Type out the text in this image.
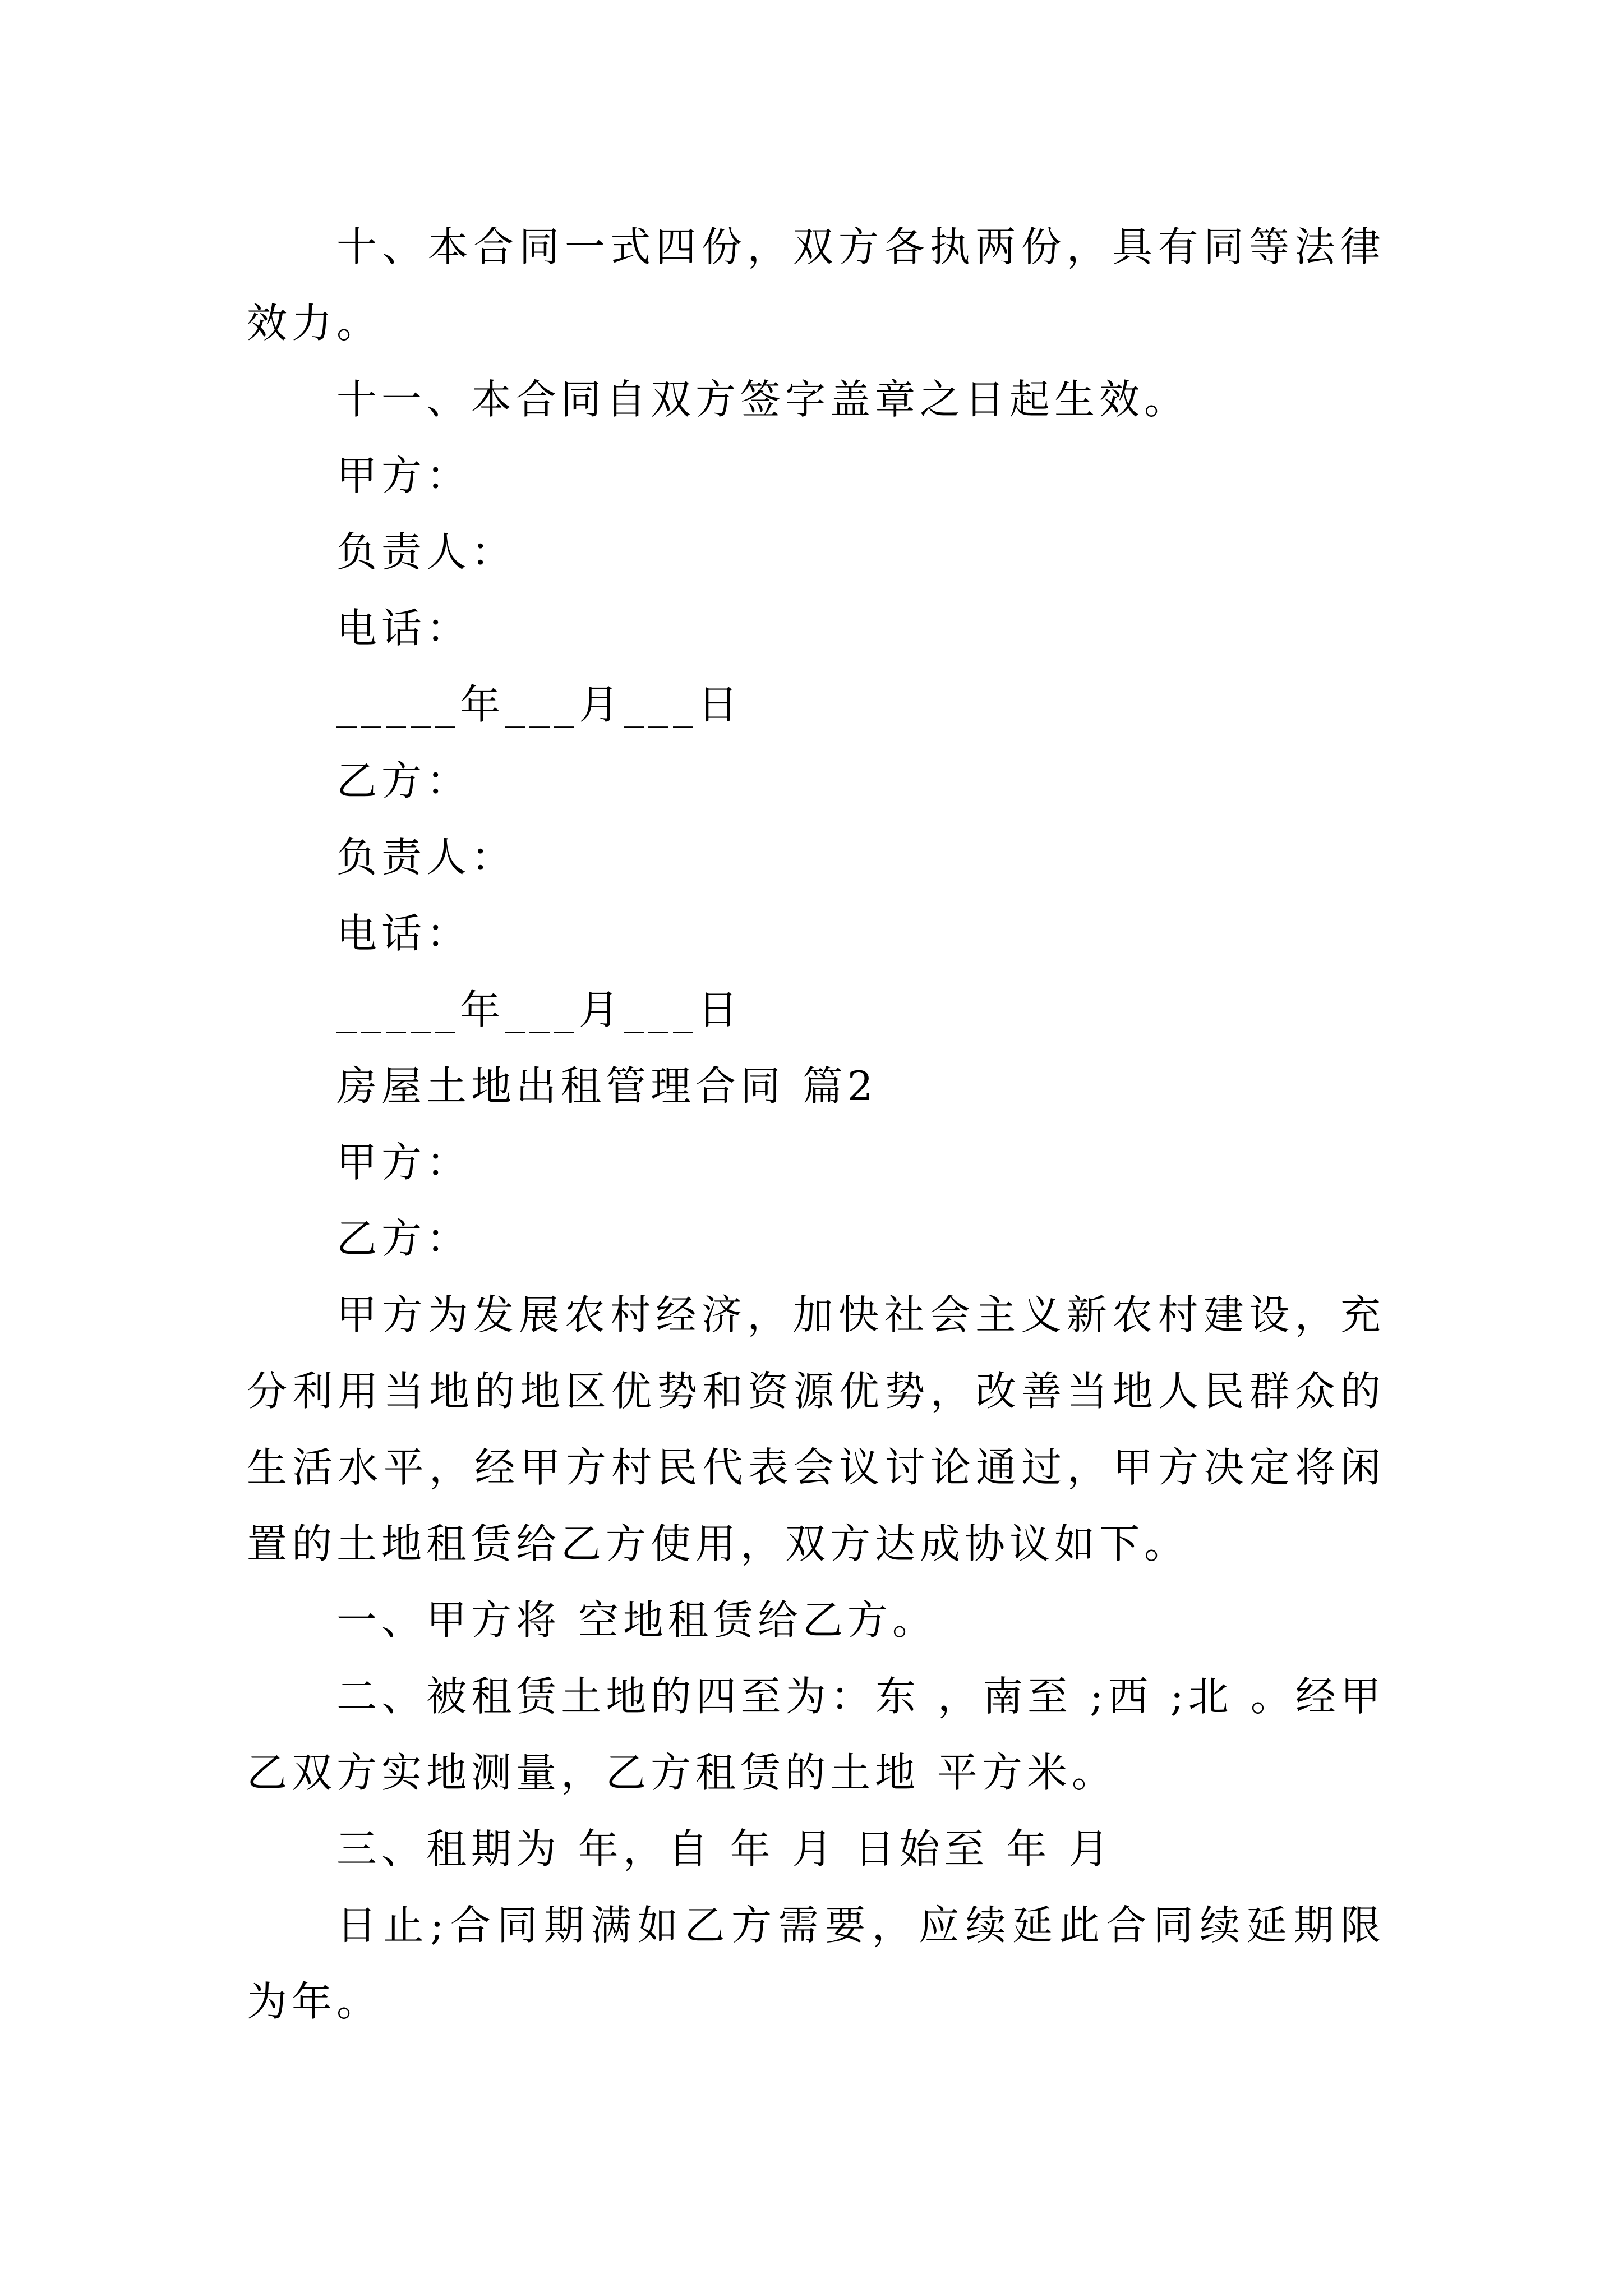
十、本合同一式四份，双方各执两份，具有同等法律效力。

十一、本合同自双方签字盖章之日起生效。

甲方：

负责人：

电话：

_____年___月___日

乙方：

负责人：

电话：

_____年___月___日

房屋土地出租管理合同 篇2

甲方：

乙方：

甲方为发展农村经济，加快社会主义新农村建设，充分利用当地的地区优势和资源优势，改善当地人民群众的生活水平，经甲方村民代表会议讨论通过，甲方决定将闲置的土地租赁给乙方使用，双方达成协议如下。

一、甲方将 空地租赁给乙方。

二、被租赁土地的四至为：东 ，南至 ;西 ;北 。经甲乙双方实地测量，乙方租赁的土地 平方米。

三、租期为 年，自 年 月 日始至 年 月

日止;合同期满如乙方需要，应续延此合同续延期限为年。
